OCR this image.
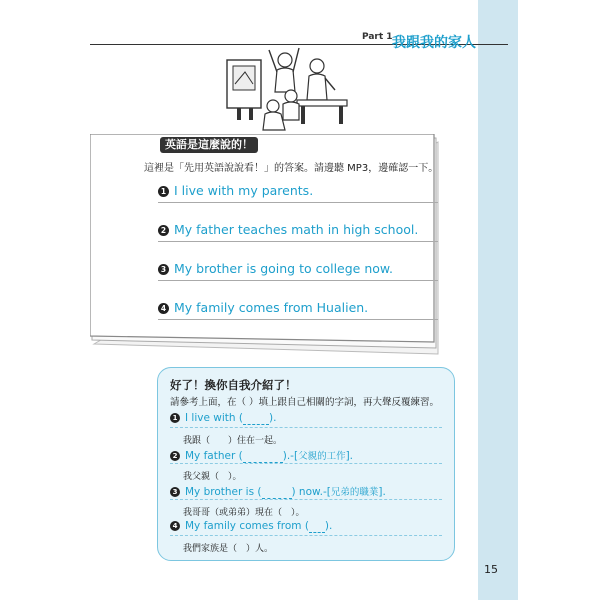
15
Part 1 我跟我的家人
英語是這麼說的！
這裡是「先用英語說說看！」的答案。請邊聽 MP3，邊確認一下。
1 I live with my parents.
2 My father teaches math in high school.
3 My brother is going to college now.
4 My family comes from Hualien.
好了！換你自我介紹了！
請參考上面，在（ ）填上跟自己相關的字詞，再大聲反覆練習。
1 I live with ( ).
我跟（　　）住在一起。
2 My father (	).-[父親的工作].
我父親（　）。
3 My brother is (	) now.-[兄弟的職業].
我哥哥（或弟弟）現在（　）。
4 My family comes from ( ).
我們家族是（　）人。
